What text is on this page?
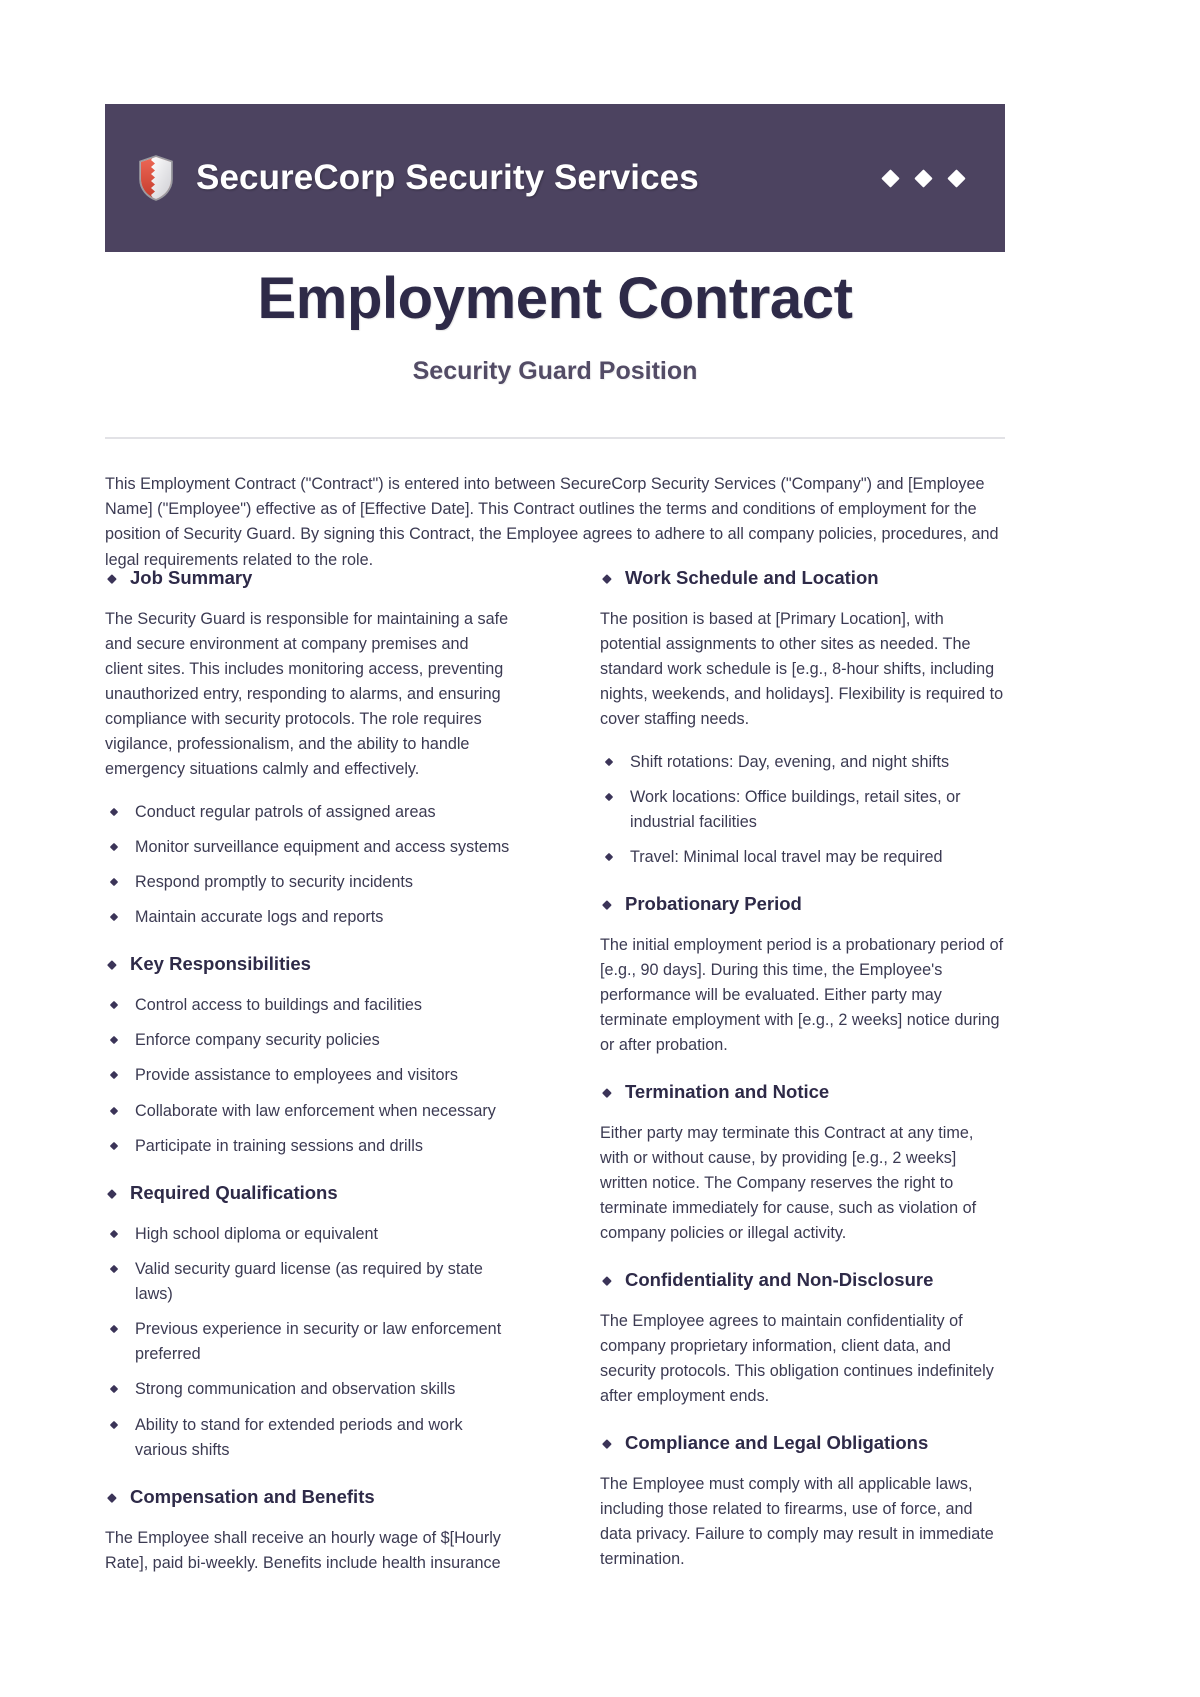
SecureCorp Security Services
Employment Contract
Security Guard Position

This Employment Contract ("Contract") is entered into between SecureCorp Security Services ("Company") and [Employee Name] ("Employee") effective as of [Effective Date]. This Contract outlines the terms and conditions of employment for the position of Security Guard. By signing this Contract, the Employee agrees to adhere to all company policies, procedures, and legal requirements related to the role.

Job Summary

The Security Guard is responsible for maintaining a safe and secure environment at company premises and client sites. This includes monitoring access, preventing unauthorized entry, responding to alarms, and ensuring compliance with security protocols. The role requires vigilance, professionalism, and the ability to handle emergency situations calmly and effectively.

Conduct regular patrols of assigned areas
Monitor surveillance equipment and access systems
Respond promptly to security incidents
Maintain accurate logs and reports
Key Responsibilities
Control access to buildings and facilities
Enforce company security policies
Provide assistance to employees and visitors
Collaborate with law enforcement when necessary
Participate in training sessions and drills
Required Qualifications
High school diploma or equivalent
Valid security guard license (as required by state laws)
Previous experience in security or law enforcement preferred
Strong communication and observation skills
Ability to stand for extended periods and work various shifts
Compensation and Benefits

The Employee shall receive an hourly wage of $[Hourly Rate], paid bi-weekly. Benefits include health insurance

Work Schedule and Location

The position is based at [Primary Location], with potential assignments to other sites as needed. The standard work schedule is [e.g., 8-hour shifts, including nights, weekends, and holidays]. Flexibility is required to cover staffing needs.

Shift rotations: Day, evening, and night shifts
Work locations: Office buildings, retail sites, or industrial facilities
Travel: Minimal local travel may be required
Probationary Period

The initial employment period is a probationary period of [e.g., 90 days]. During this time, the Employee's performance will be evaluated. Either party may terminate employment with [e.g., 2 weeks] notice during or after probation.

Termination and Notice

Either party may terminate this Contract at any time, with or without cause, by providing [e.g., 2 weeks] written notice. The Company reserves the right to terminate immediately for cause, such as violation of company policies or illegal activity.

Confidentiality and Non-Disclosure

The Employee agrees to maintain confidentiality of company proprietary information, client data, and security protocols. This obligation continues indefinitely after employment ends.

Compliance and Legal Obligations

The Employee must comply with all applicable laws, including those related to firearms, use of force, and data privacy. Failure to comply may result in immediate termination.
